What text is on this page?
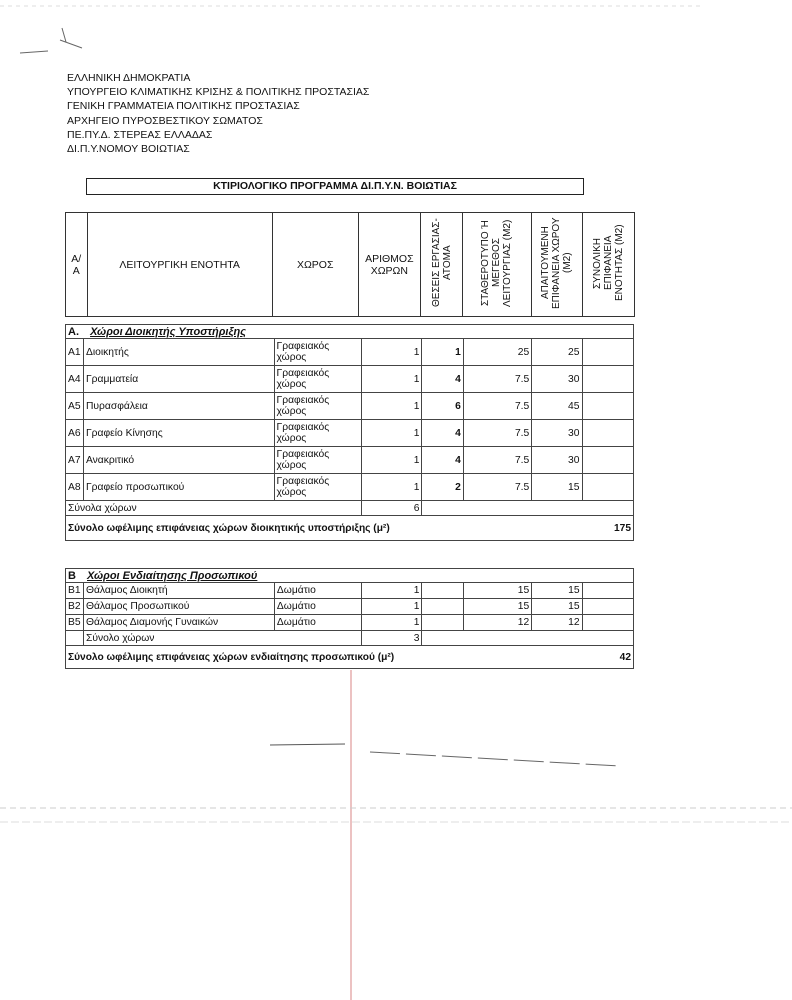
ΕΛΛΗΝΙΚΗ ΔΗΜΟΚΡΑΤΙΑ
ΥΠΟΥΡΓΕΙΟ ΚΛΙΜΑΤΙΚΗΣ ΚΡΙΣΗΣ & ΠΟΛΙΤΙΚΗΣ ΠΡΟΣΤΑΣΙΑΣ
ΓΕΝΙΚΗ ΓΡΑΜΜΑΤΕΙΑ ΠΟΛΙΤΙΚΗΣ ΠΡΟΣΤΑΣΙΑΣ
ΑΡΧΗΓΕΙΟ ΠΥΡΟΣΒΕΣΤΙΚΟΥ ΣΩΜΑΤΟΣ
ΠΕ.ΠΥ.Δ. ΣΤΕΡΕΑΣ ΕΛΛΑΔΑΣ
ΔΙ.Π.Υ.ΝΟΜΟΥ ΒΟΙΩΤΙΑΣ
ΚΤΙΡΙΟΛΟΓΙΚΟ ΠΡΟΓΡΑΜΜΑ ΔΙ.Π.Υ.Ν. ΒΟΙΩΤΙΑΣ
Α/Α	ΛΕΙΤΟΥΡΓΙΚΗ ΕΝΟΤΗΤΑ	ΧΩΡΟΣ	ΑΡΙΘΜΟΣ ΧΩΡΩΝ	ΘΕΣΕΙΣ ΕΡΓΑΣΙΑΣ-ΑΤΟΜΑ	ΣΤΑΘΕΡΟΤΥΠΟ Ή ΜΕΓΕΘΟΣ ΛΕΙΤΟΥΡΓΙΑΣ (Μ2)	ΑΠΑΙΤΟΥΜΕΝΗ ΕΠΙΦΑΝΕΙΑ ΧΩΡΟΥ (Μ2)	ΣΥΝΟΛΙΚΗ ΕΠΙΦΑΝΕΙΑ ΕΝΟΤΗΤΑΣ (Μ2)
Α. Χώροι Διοικητής Υποστήριξης							
Α1	Διοικητής	Γραφειακός χώρος	1	1	25	25	
Α4	Γραμματεία	Γραφειακός χώρος	1	4	7.5	30	
Α5	Πυρασφάλεια	Γραφειακός χώρος	1	6	7.5	45	
Α6	Γραφείο Κίνησης	Γραφειακός χώρος	1	4	7.5	30	
Α7	Ανακριτικό	Γραφειακός χώρος	1	4	7.5	30	
Α8	Γραφείο προσωπικού	Γραφειακός χώρος	1	2	7.5	15	
Σύνολα χώρων			6				
Σύνολο ωφέλιμης επιφάνειας χώρων διοικητικής υποστήριξης (μ²)							175
Β Χώροι Ενδιαίτησης Προσωπικού							
Β1	Θάλαμος Διοικητή	Δωμάτιο	1		15	15	
Β2	Θάλαμος Προσωπικού	Δωμάτιο	1		15	15	
Β5	Θάλαμος Διαμονής Γυναικών	Δωμάτιο	1		12	12	
	Σύνολο χώρων		3				
Σύνολο ωφέλιμης επιφάνειας χώρων ενδιαίτησης προσωπικού (μ²)							42
